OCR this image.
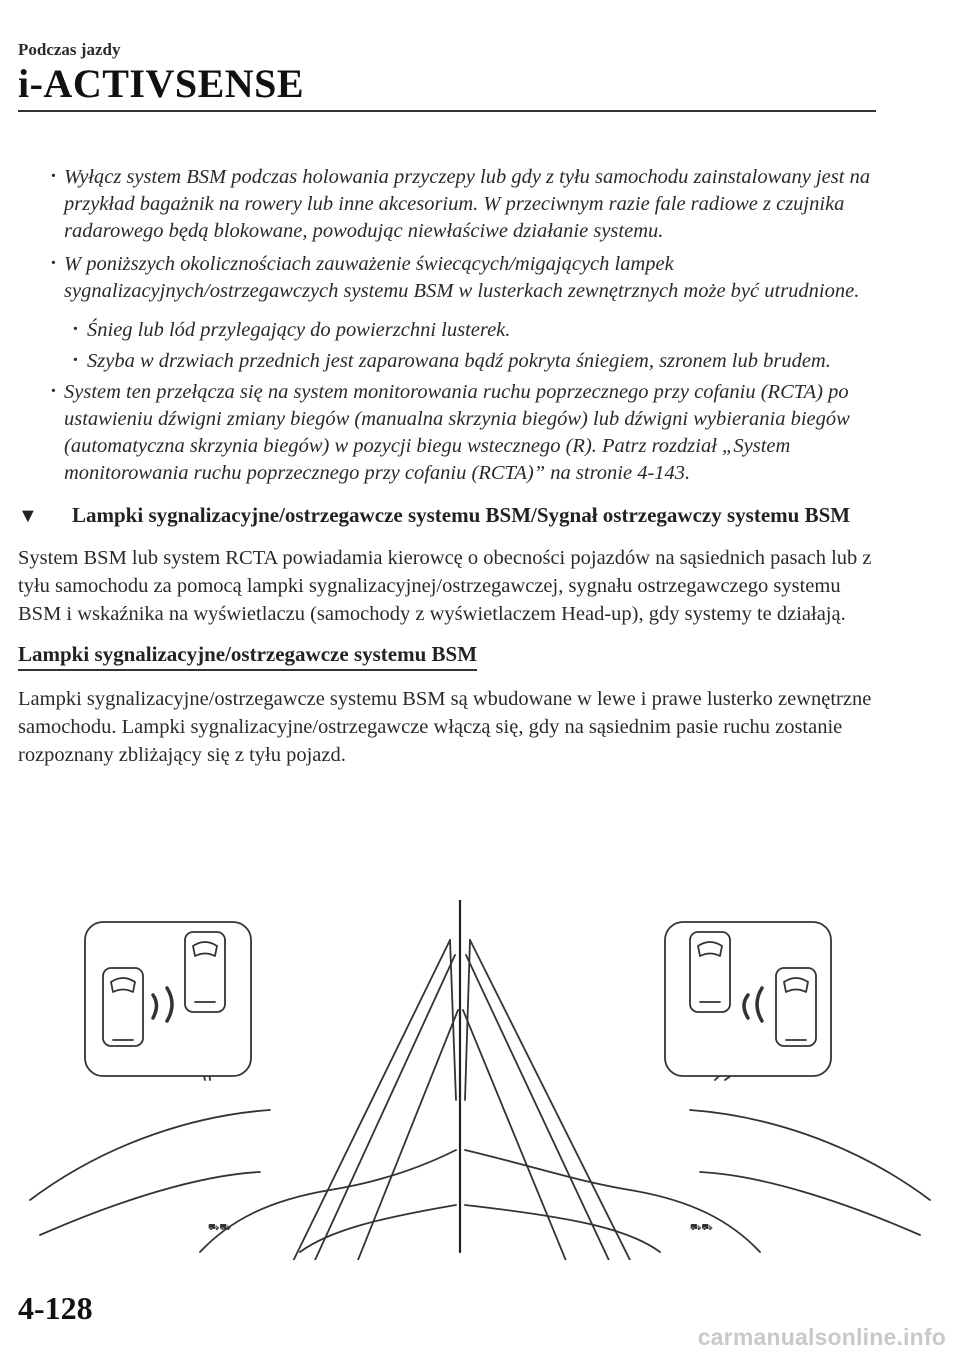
Podczas jazdy

i-ACTIVSENSE

· Wyłącz system BSM podczas holowania przyczepy lub gdy z tyłu samochodu zainstalowany jest na przykład bagażnik na rowery lub inne akcesorium. W przeciwnym razie fale radiowe z czujnika radarowego będą blokowane, powodując niewłaściwe działanie systemu.

· W poniższych okolicznościach zauważenie świecących/migających lampek sygnalizacyjnych/ostrzegawczych systemu BSM w lusterkach zewnętrznych może być utrudnione.

· Śnieg lub lód przylegający do powierzchni lusterek.

· Szyba w drzwiach przednich jest zaparowana bądź pokryta śniegiem, szronem lub brudem.

· System ten przełącza się na system monitorowania ruchu poprzecznego przy cofaniu (RCTA) po ustawieniu dźwigni zmiany biegów (manualna skrzynia biegów) lub dźwigni wybierania biegów (automatyczna skrzynia biegów) w pozycji biegu wstecznego (R). Patrz rozdział „System monitorowania ruchu poprzecznego przy cofaniu (RCTA)” na stronie 4-143.

▼ Lampki sygnalizacyjne/ostrzegawcze systemu BSM/Sygnał ostrzegawczy systemu BSM

System BSM lub system RCTA powiadamia kierowcę o obecności pojazdów na sąsiednich pasach lub z tyłu samochodu za pomocą lampki sygnalizacyjnej/ostrzegawczej, sygnału ostrzegawczego systemu BSM i wskaźnika na wyświetlaczu (samochody z wyświetlaczem Head-up), gdy systemy te działają.

Lampki sygnalizacyjne/ostrzegawcze systemu BSM

Lampki sygnalizacyjne/ostrzegawcze systemu BSM są wbudowane w lewe i prawe lusterko zewnętrzne samochodu. Lampki sygnalizacyjne/ostrzegawcze włączą się, gdy na sąsiednim pasie ruchu zostanie rozpoznany zbliżający się z tyłu pojazd.

⛟⛟	⛟⛟

4-128

carmanualsonline.info
